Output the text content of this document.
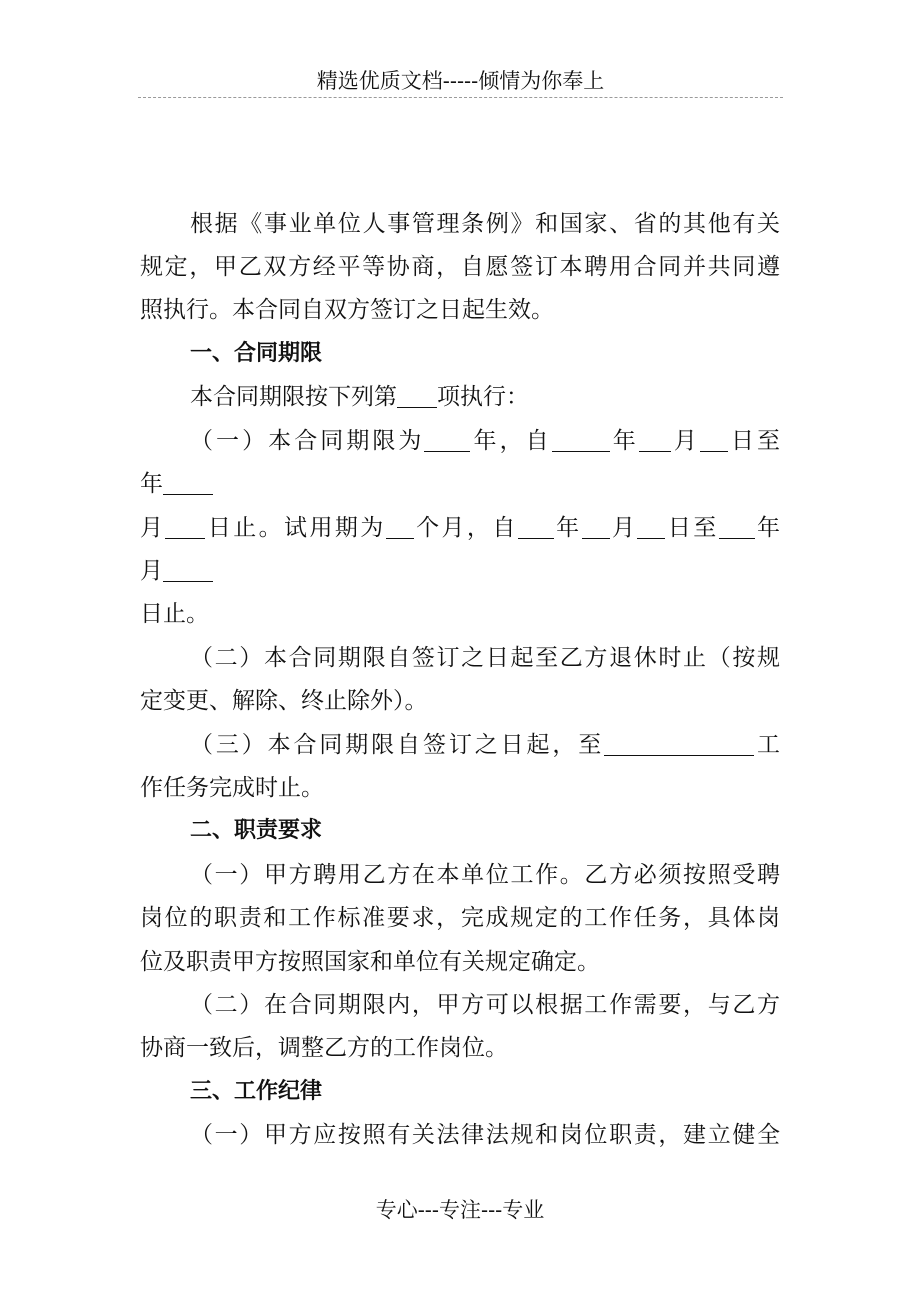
精选优质文档-----倾情为你奉上
根据《事业单位人事管理条例》和国家、省的其他有关
规定，甲乙双方经平等协商，自愿签订本聘用合同并共同遵
照执行。本合同自双方签订之日起生效。
一、合同期限
本合同期限按下列第 项执行：
（一）本合同期限为 年，自	年 月 日至
年
月 日止。试用期为 个月，自 年 月 日至 年
月
日止。
（二）本合同期限自签订之日起至乙方退休时止（按规
定变更、解除、终止除外）。
（三）本合同期限自签订之日起，至	工
作任务完成时止。
二、职责要求
（一）甲方聘用乙方在本单位工作。乙方必须按照受聘
岗位的职责和工作标准要求，完成规定的工作任务，具体岗
位及职责甲方按照国家和单位有关规定确定。
（二）在合同期限内，甲方可以根据工作需要，与乙方
协商一致后，调整乙方的工作岗位。
三、工作纪律
（一）甲方应按照有关法律法规和岗位职责，建立健全
专心---专注---专业
